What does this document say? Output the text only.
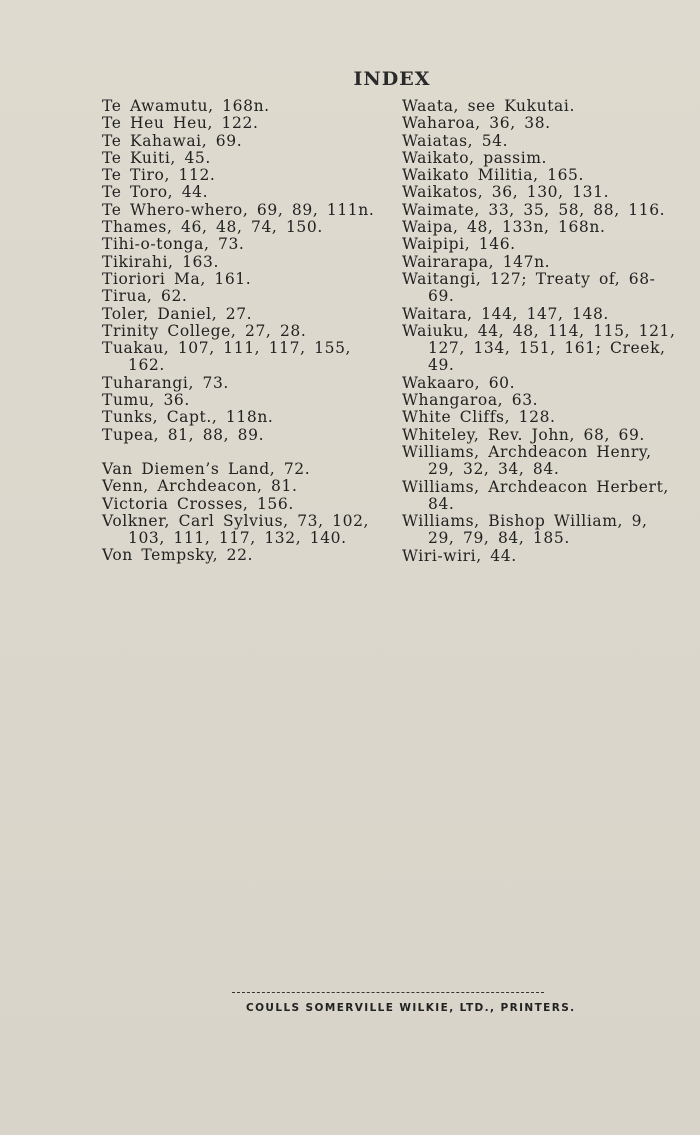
INDEX
Te Awamutu, 168n.
Te Heu Heu, 122.
Te Kahawai, 69.
Te Kuiti, 45.
Te Tiro, 112.
Te Toro, 44.
Te Whero-whero, 69, 89, 111n.
Thames, 46, 48, 74, 150.
Tihi-o-tonga, 73.
Tikirahi, 163.
Tioriori Ma, 161.
Tirua, 62.
Toler, Daniel, 27.
Trinity College, 27, 28.
Tuakau, 107, 111, 117, 155, 162.
Tuharangi, 73.
Tumu, 36.
Tunks, Capt., 118n.
Tupea, 81, 88, 89.
Van Diemen’s Land, 72.
Venn, Archdeacon, 81.
Victoria Crosses, 156.
Volkner, Carl Sylvius, 73, 102, 103, 111, 117, 132, 140.
Von Tempsky, 22.
Waata, see Kukutai.
Waharoa, 36, 38.
Waiatas, 54.
Waikato, passim.
Waikato Militia, 165.
Waikatos, 36, 130, 131.
Waimate, 33, 35, 58, 88, 116.
Waipa, 48, 133n, 168n.
Waipipi, 146.
Wairarapa, 147n.
Waitangi, 127; Treaty of, 68-69.
Waitara, 144, 147, 148.
Waiuku, 44, 48, 114, 115, 121, 127, 134, 151, 161; Creek, 49.
Wakaaro, 60.
Whangaroa, 63.
White Cliffs, 128.
Whiteley, Rev. John, 68, 69.
Williams, Archdeacon Henry, 29, 32, 34, 84.
Williams, Archdeacon Herbert, 84.
Williams, Bishop William, 9, 29, 79, 84, 185.
Wiri-wiri, 44.
COULLS SOMERVILLE WILKIE, LTD., PRINTERS.
